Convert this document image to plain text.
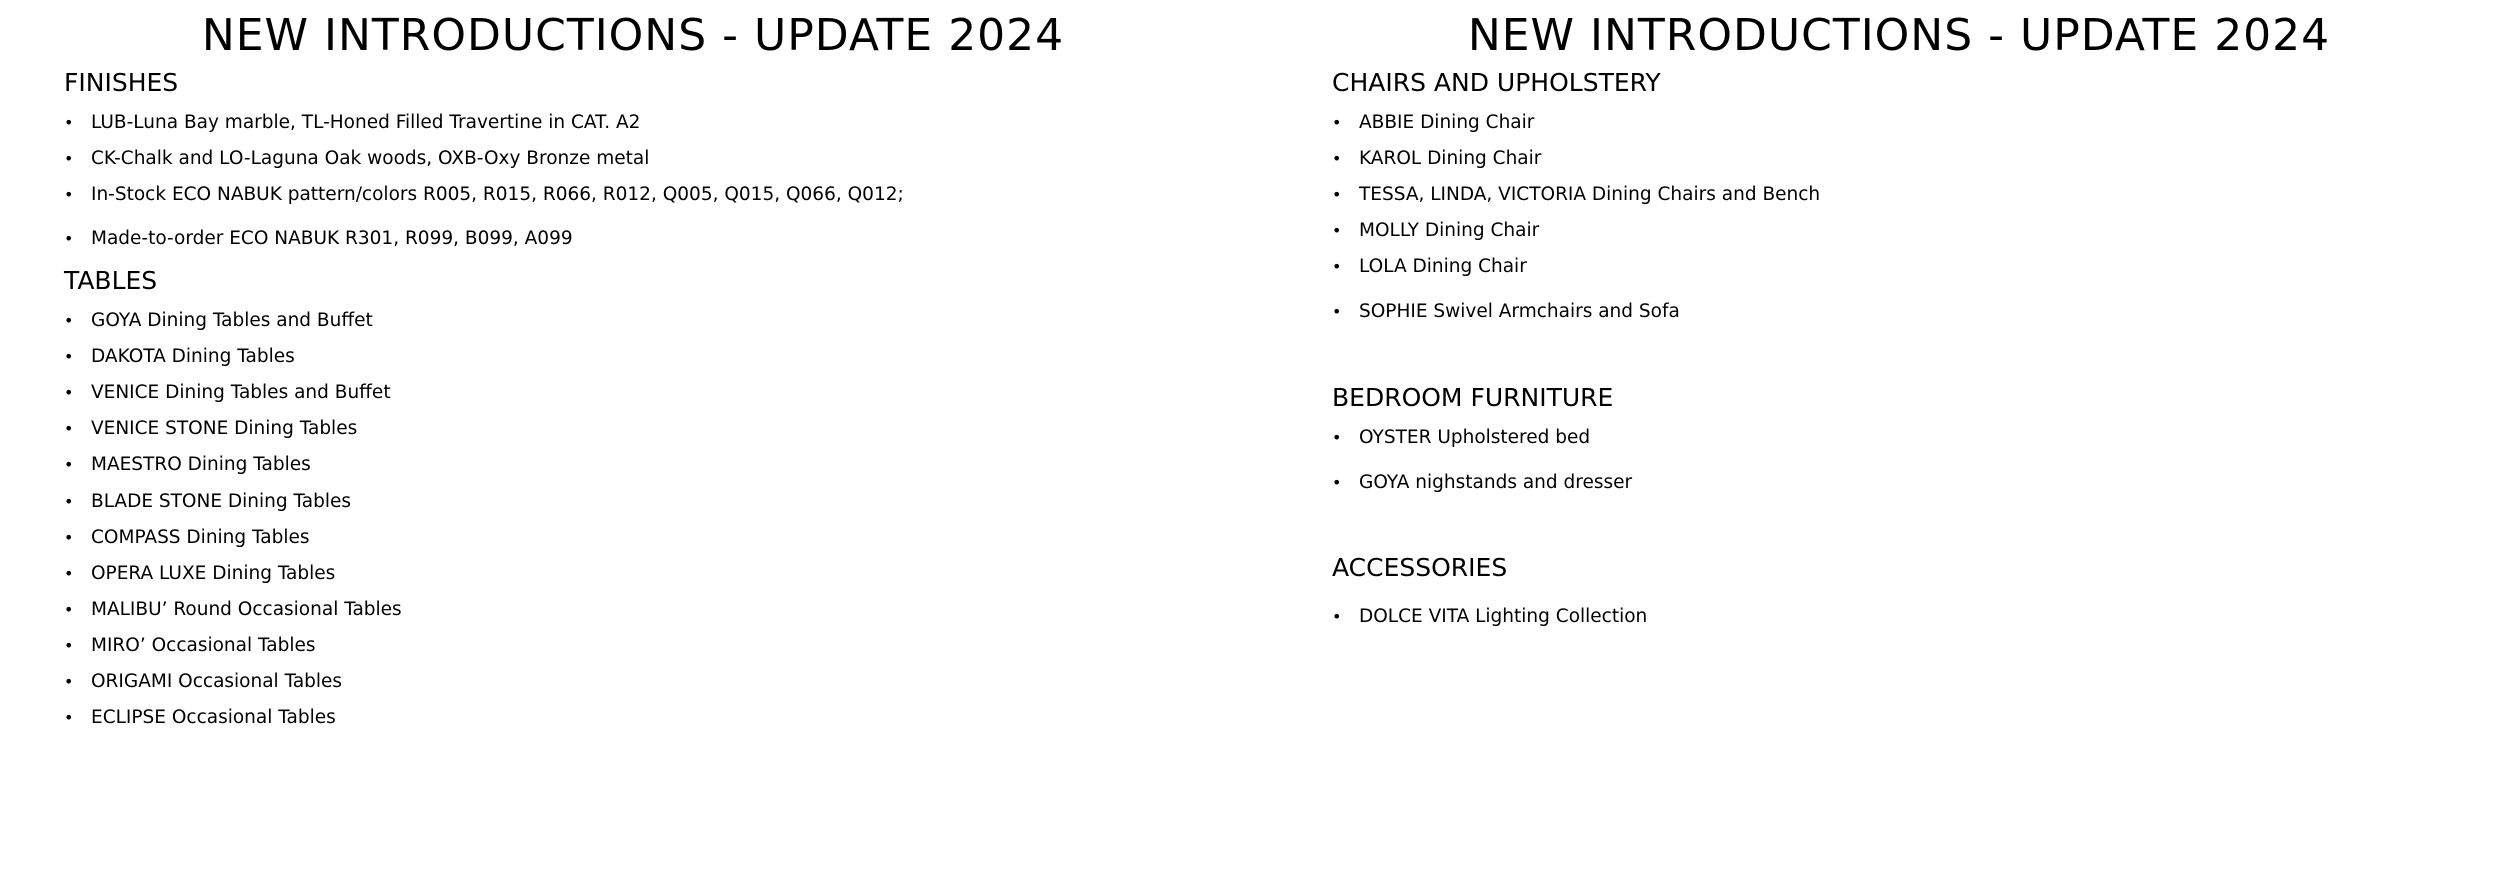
NEW INTRODUCTIONS - UPDATE 2024
FINISHES
• LUB-Luna Bay marble, TL-Honed Filled Travertine in CAT. A2
• CK-Chalk and LO-Laguna Oak woods, OXB-Oxy Bronze metal
• In-Stock ECO NABUK pattern/colors R005, R015, R066, R012, Q005, Q015, Q066, Q012;
• Made-to-order ECO NABUK R301, R099, B099, A099
TABLES
• GOYA Dining Tables and Buffet
• DAKOTA Dining Tables
• VENICE Dining Tables and Buffet
• VENICE STONE Dining Tables
• MAESTRO Dining Tables
• BLADE STONE Dining Tables
• COMPASS Dining Tables
• OPERA LUXE Dining Tables
• MALIBU’ Round Occasional Tables
• MIRO’ Occasional Tables
• ORIGAMI Occasional Tables
• ECLIPSE Occasional Tables
NEW INTRODUCTIONS - UPDATE 2024
CHAIRS AND UPHOLSTERY
• ABBIE Dining Chair
• KAROL Dining Chair
• TESSA, LINDA, VICTORIA Dining Chairs and Bench
• MOLLY Dining Chair
• LOLA Dining Chair
• SOPHIE Swivel Armchairs and Sofa
BEDROOM FURNITURE
• OYSTER Upholstered bed
• GOYA nighstands and dresser
ACCESSORIES
• DOLCE VITA Lighting Collection
